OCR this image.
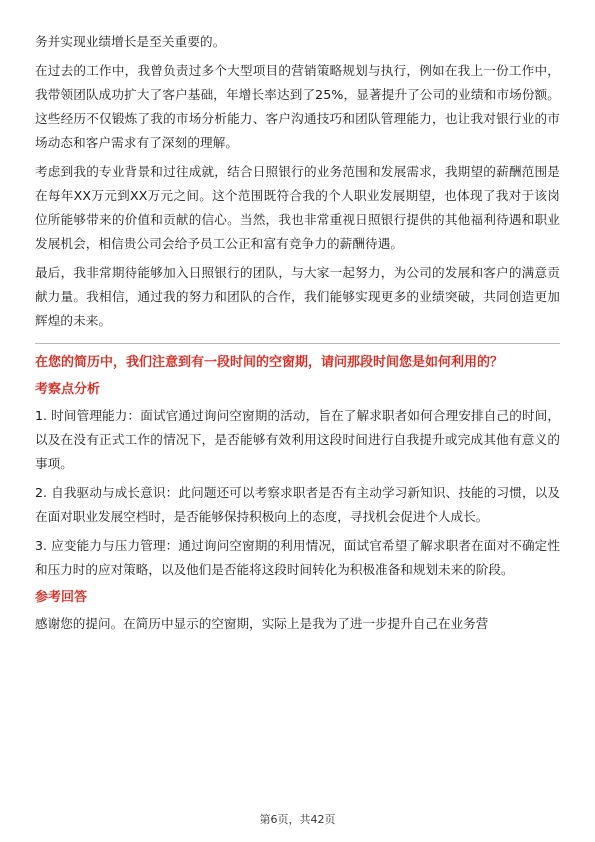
务并实现业绩增长是至关重要的。

在过去的工作中，我曾负责过多个大型项目的营销策略规划与执行，例如在我上一份工作中，我带领团队成功扩大了客户基础，年增长率达到了25%，显著提升了公司的业绩和市场份额。这些经历不仅锻炼了我的市场分析能力、客户沟通技巧和团队管理能力，也让我对银行业的市场动态和客户需求有了深刻的理解。

考虑到我的专业背景和过往成就，结合日照银行的业务范围和发展需求，我期望的薪酬范围是在每年XX万元到XX万元之间。这个范围既符合我的个人职业发展期望，也体现了我对于该岗位所能够带来的价值和贡献的信心。当然，我也非常重视日照银行提供的其他福利待遇和职业发展机会，相信贵公司会给予员工公正和富有竞争力的薪酬待遇。

最后，我非常期待能够加入日照银行的团队，与大家一起努力，为公司的发展和客户的满意贡献力量。我相信，通过我的努力和团队的合作，我们能够实现更多的业绩突破，共同创造更加辉煌的未来。

在您的简历中，我们注意到有一段时间的空窗期，请问那段时间您是如何利用的？
考察点分析

1. 时间管理能力：面试官通过询问空窗期的活动，旨在了解求职者如何合理安排自己的时间，以及在没有正式工作的情况下，是否能够有效利用这段时间进行自我提升或完成其他有意义的事项。

2. 自我驱动与成长意识：此问题还可以考察求职者是否有主动学习新知识、技能的习惯，以及在面对职业发展空档时，是否能够保持积极向上的态度，寻找机会促进个人成长。

3. 应变能力与压力管理：通过询问空窗期的利用情况，面试官希望了解求职者在面对不确定性和压力时的应对策略，以及他们是否能将这段时间转化为积极准备和规划未来的阶段。

参考回答

感谢您的提问。在简历中显示的空窗期，实际上是我为了进一步提升自己在业务营

第6页，共42页
